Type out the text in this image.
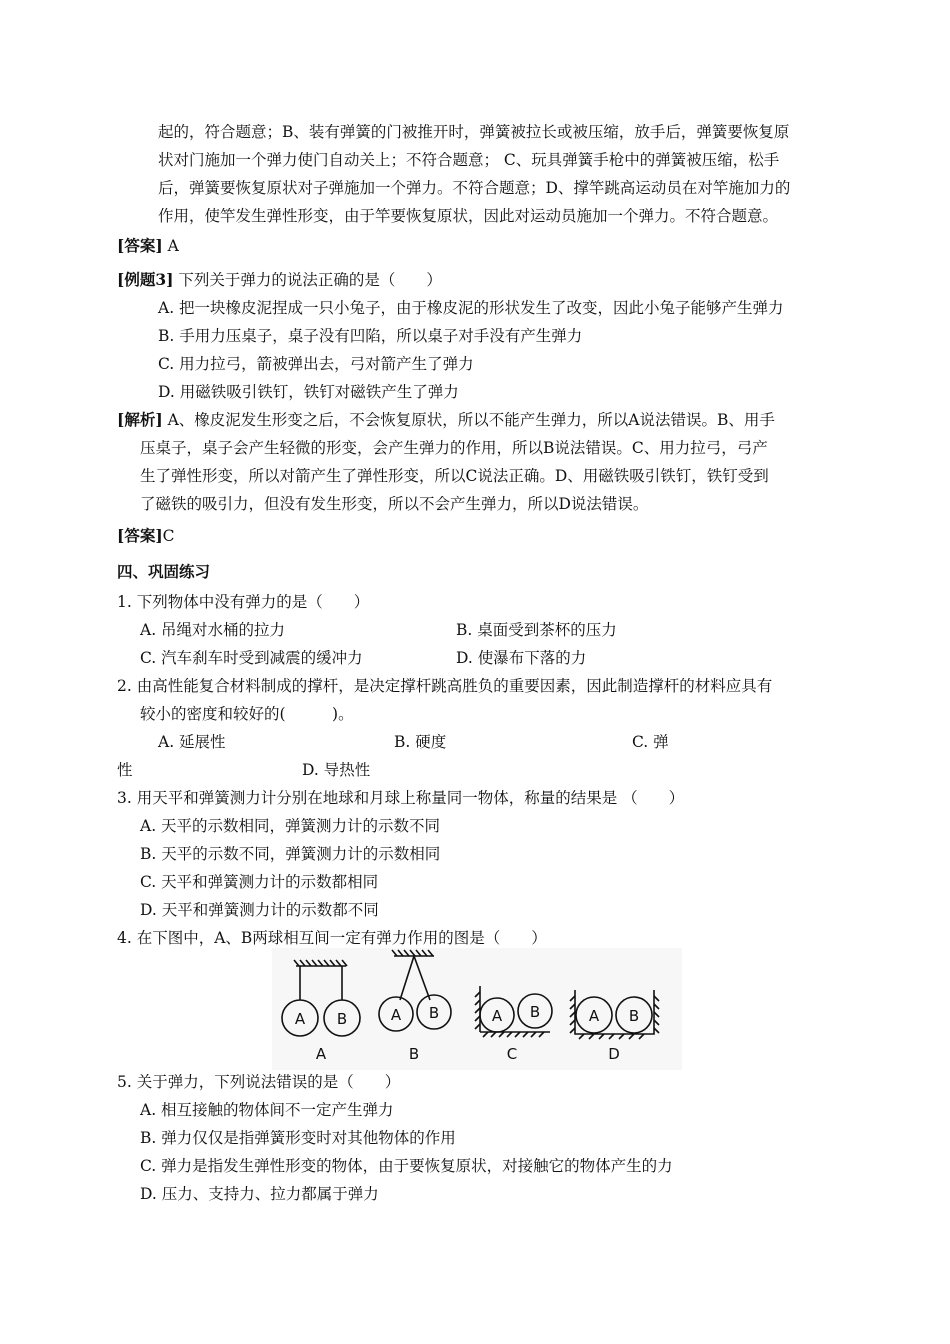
起的，符合题意；B、装有弹簧的门被推开时，弹簧被拉长或被压缩，放手后，弹簧要恢复原
状对门施加一个弹力使门自动关上；不符合题意； C、玩具弹簧手枪中的弹簧被压缩，松手
后，弹簧要恢复原状对子弹施加一个弹力。不符合题意；D、撑竿跳高运动员在对竿施加力的
作用，使竿发生弹性形变，由于竿要恢复原状，因此对运动员施加一个弹力。不符合题意。
[答案] A
[例题3] 下列关于弹力的说法正确的是（　　）
A. 把一块橡皮泥捏成一只小兔子，由于橡皮泥的形状发生了改变，因此小兔子能够产生弹力
B. 手用力压桌子，桌子没有凹陷，所以桌子对手没有产生弹力
C. 用力拉弓，箭被弹出去，弓对箭产生了弹力
D. 用磁铁吸引铁钉，铁钉对磁铁产生了弹力
[解析] A、橡皮泥发生形变之后，不会恢复原状，所以不能产生弹力，所以A说法错误。B、用手
压桌子，桌子会产生轻微的形变，会产生弹力的作用，所以B说法错误。C、用力拉弓，弓产
生了弹性形变，所以对箭产生了弹性形变，所以C说法正确。D、用磁铁吸引铁钉，铁钉受到
了磁铁的吸引力，但没有发生形变，所以不会产生弹力，所以D说法错误。
[答案]C
四、巩固练习
1. 下列物体中没有弹力的是（　　）
A. 吊绳对水桶的拉力	B. 桌面受到茶杯的压力
C. 汽车刹车时受到减震的缓冲力	D. 使瀑布下落的力
2. 由高性能复合材料制成的撑杆，是决定撑杆跳高胜负的重要因素，因此制造撑杆的材料应具有
较小的密度和较好的(　　　)。
A. 延展性	B. 硬度	C. 弹
性	D. 导热性
3. 用天平和弹簧测力计分别在地球和月球上称量同一物体，称量的结果是 （　　）
A. 天平的示数相同，弹簧测力计的示数不同
B. 天平的示数不同，弹簧测力计的示数相同
C. 天平和弹簧测力计的示数都相同
D. 天平和弹簧测力计的示数都不同
4. 在下图中，A、B两球相互间一定有弹力作用的图是（　　）
A B
A
A B
B
A B
C
A B
D
5. 关于弹力，下列说法错误的是（　　）
A. 相互接触的物体间不一定产生弹力
B. 弹力仅仅是指弹簧形变时对其他物体的作用
C. 弹力是指发生弹性形变的物体，由于要恢复原状，对接触它的物体产生的力
D. 压力、支持力、拉力都属于弹力
